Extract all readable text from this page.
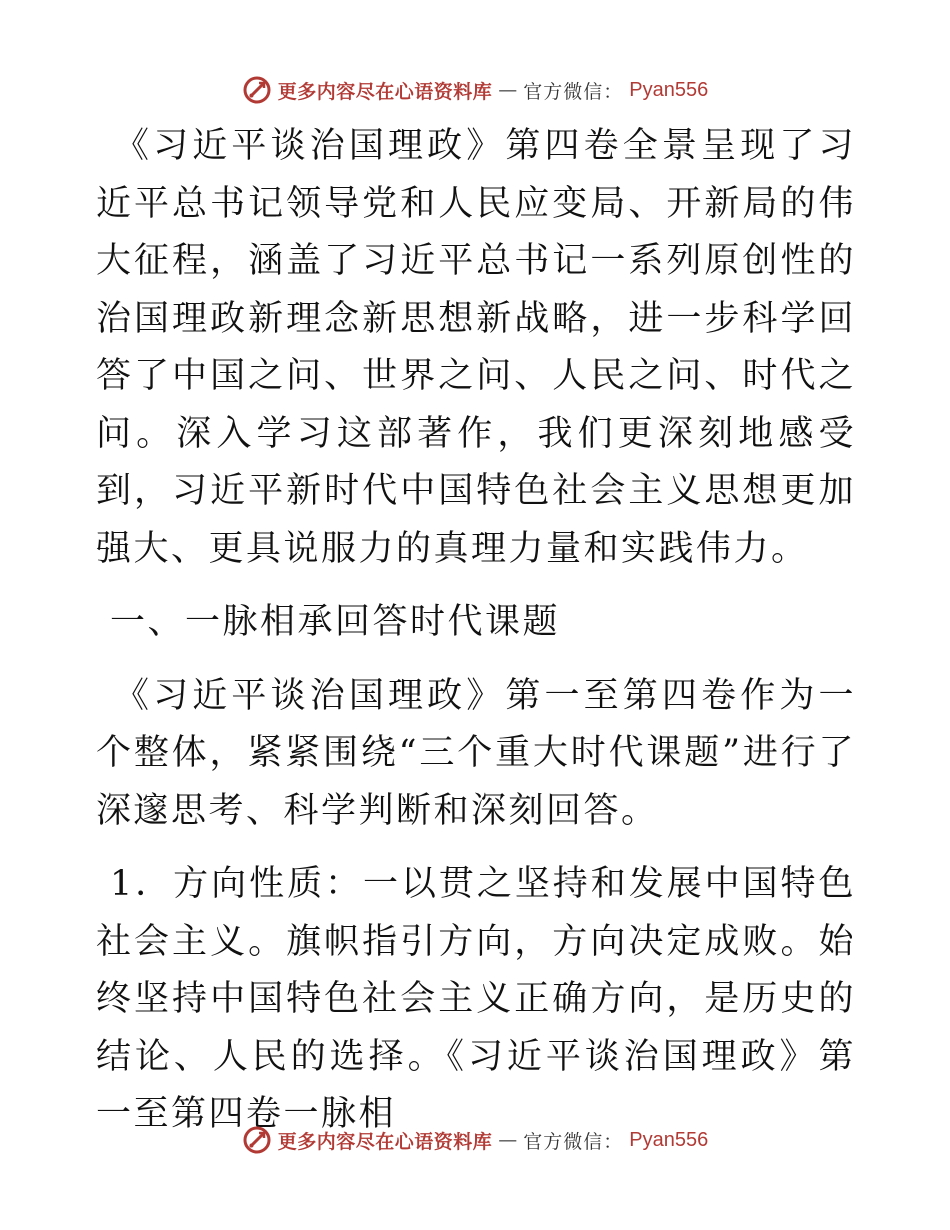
更多内容尽在心语资料库 — 官方微信： Pyan556

《习近平谈治国理政》第四卷全景呈现了习近平总书记领导党和人民应变局、开新局的伟大征程，涵盖了习近平总书记一系列原创性的治国理政新理念新思想新战略，进一步科学回答了中国之问、世界之问、人民之问、时代之问。深入学习这部著作，我们更深刻地感受到，习近平新时代中国特色社会主义思想更加强大、更具说服力的真理力量和实践伟力。

一、一脉相承回答时代课题

《习近平谈治国理政》第一至第四卷作为一个整体，紧紧围绕“三个重大时代课题”进行了深邃思考、科学判断和深刻回答。

1．方向性质：一以贯之坚持和发展中国特色社会主义。旗帜指引方向，方向决定成败。始终坚持中国特色社会主义正确方向，是历史的结论、人民的选择。《习近平谈治国理政》第一至第四卷一脉相

更多内容尽在心语资料库 — 官方微信： Pyan556
